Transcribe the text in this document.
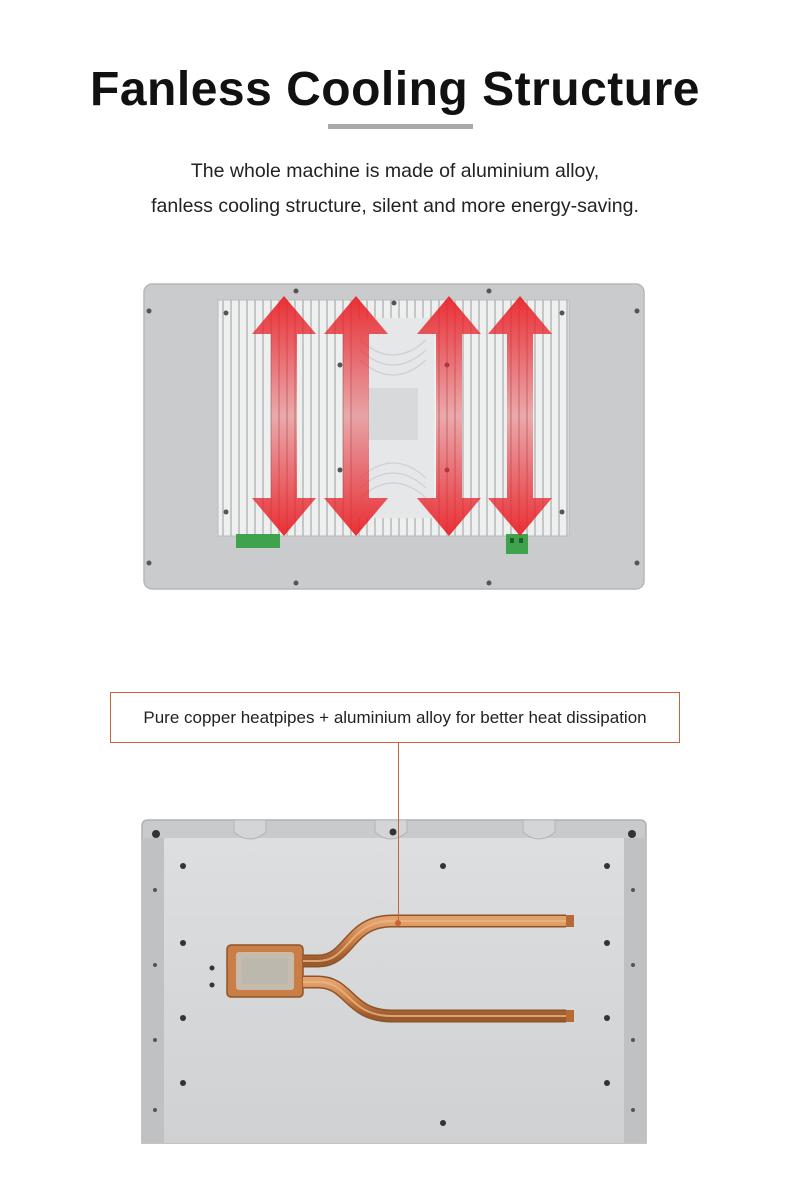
Fanless Cooling Structure
The whole machine is made of aluminium alloy,
fanless cooling structure, silent and more energy-saving.
Pure copper heatpipes + aluminium alloy for better heat dissipation
